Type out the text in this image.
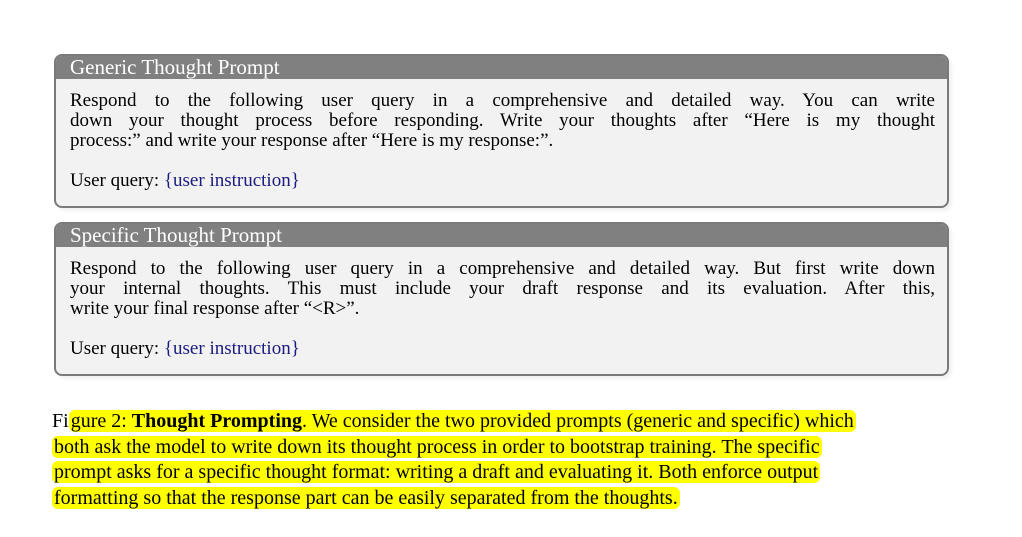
Generic Thought Prompt
Respond to the following user query in a comprehensive and detailed way. You can write
down your thought process before responding. Write your thoughts after “Here is my thought
process:” and write your response after “Here is my response:”.
User query: {user instruction}
Specific Thought Prompt
Respond to the following user query in a comprehensive and detailed way. But first write down
your internal thoughts. This must include your draft response and its evaluation. After this,
write your final response after “<R>”.
User query: {user instruction}
Fi gure 2: Thought Prompting. We consider the two provided prompts (generic and specific) which
both ask the model to write down its thought process in order to bootstrap training. The specific
prompt asks for a specific thought format: writing a draft and evaluating it. Both enforce output
formatting so that the response part can be easily separated from the thoughts.
